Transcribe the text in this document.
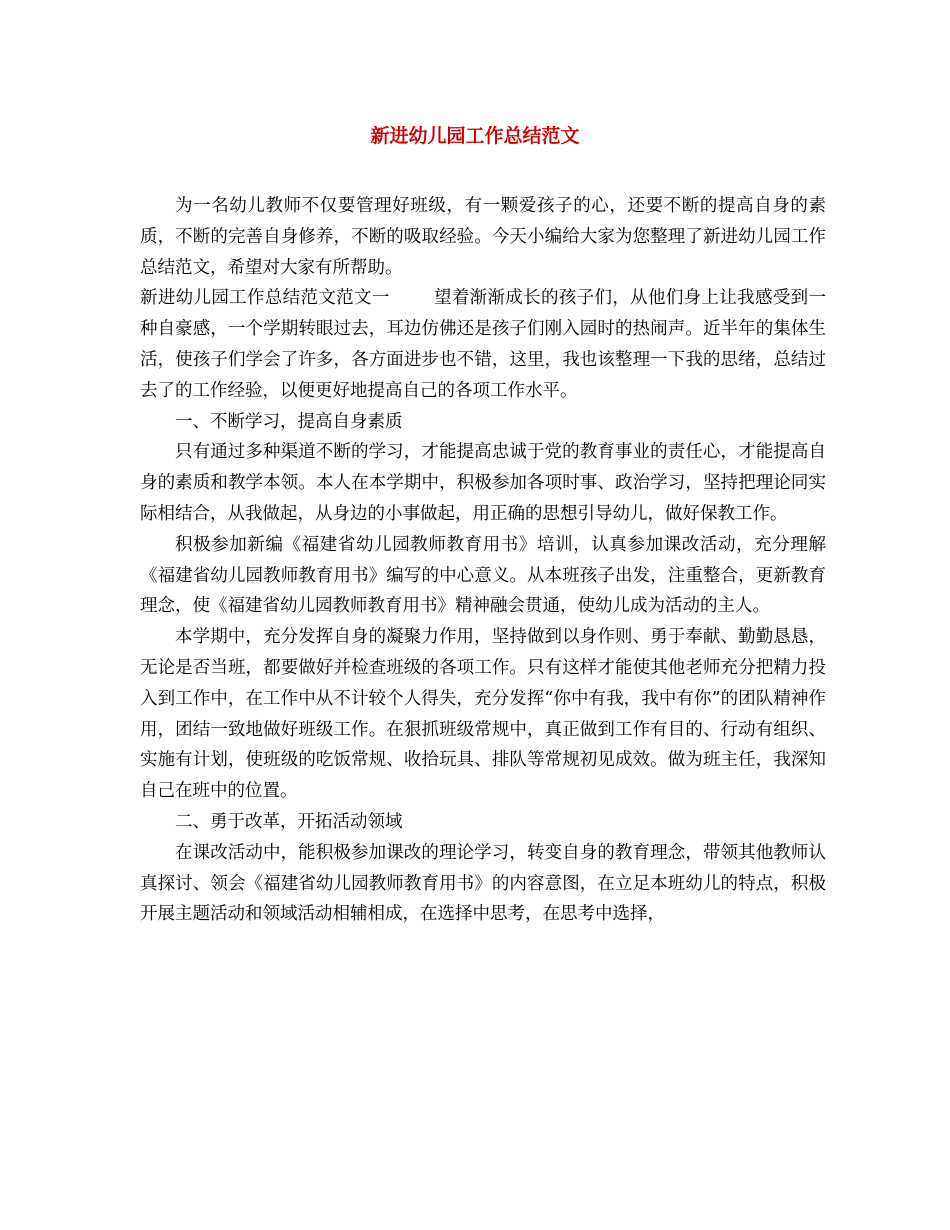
新进幼儿园工作总结范文

为一名幼儿教师不仅要管理好班级，有一颗爱孩子的心，还要不断的提高自身的素质，不断的完善自身修养，不断的吸取经验。今天小编给大家为您整理了新进幼儿园工作总结范文，希望对大家有所帮助。

新进幼儿园工作总结范文范文一	望着渐渐成长的孩子们，从他们身上让我感受到一种自豪感，一个学期转眼过去，耳边仿佛还是孩子们刚入园时的热闹声。近半年的集体生活，使孩子们学会了许多，各方面进步也不错，这里，我也该整理一下我的思绪，总结过去了的工作经验，以便更好地提高自己的各项工作水平。

一、不断学习，提高自身素质

只有通过多种渠道不断的学习，才能提高忠诚于党的教育事业的责任心，才能提高自身的素质和教学本领。本人在本学期中，积极参加各项时事、政治学习，坚持把理论同实际相结合，从我做起，从身边的小事做起，用正确的思想引导幼儿，做好保教工作。

积极参加新编《福建省幼儿园教师教育用书》培训，认真参加课改活动，充分理解《福建省幼儿园教师教育用书》编写的中心意义。从本班孩子出发，注重整合，更新教育理念，使《福建省幼儿园教师教育用书》精神融会贯通，使幼儿成为活动的主人。

本学期中，充分发挥自身的凝聚力作用，坚持做到以身作则、勇于奉献、勤勤恳恳，无论是否当班，都要做好并检查班级的各项工作。只有这样才能使其他老师充分把精力投入到工作中，在工作中从不计较个人得失，充分发挥“你中有我，我中有你”的团队精神作用，团结一致地做好班级工作。在狠抓班级常规中，真正做到工作有目的、行动有组织、实施有计划，使班级的吃饭常规、收拾玩具、排队等常规初见成效。做为班主任，我深知自己在班中的位置。

二、勇于改革，开拓活动领域

在课改活动中，能积极参加课改的理论学习，转变自身的教育理念，带领其他教师认真探讨、领会《福建省幼儿园教师教育用书》的内容意图，在立足本班幼儿的特点，积极开展主题活动和领域活动相辅相成，在选择中思考，在思考中选择，
